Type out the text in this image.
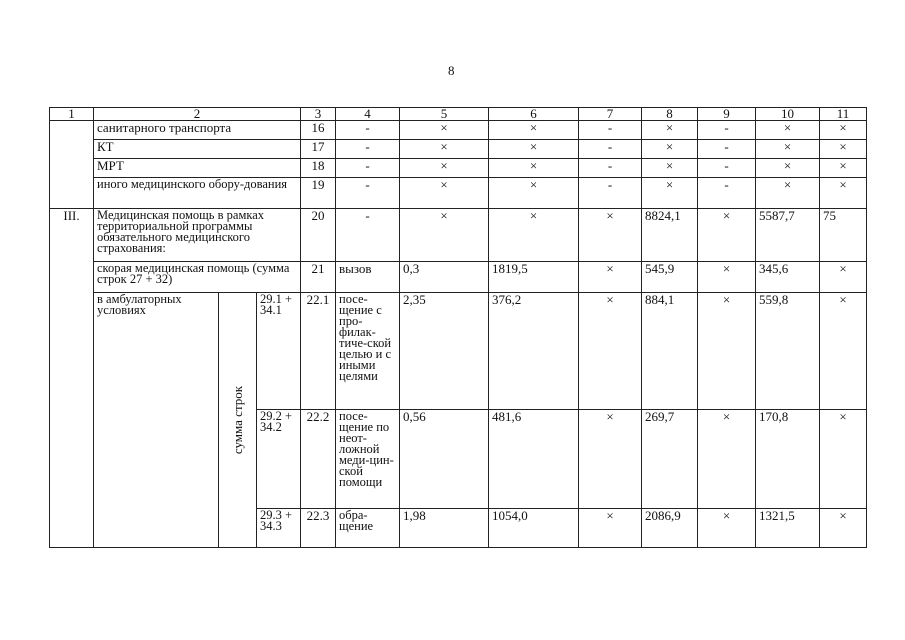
8
1	2			3	4	5	6	7	8	9	10	11
	санитарного транспорта			16	-	×	×	-	×	-	×	×
	КТ			17	-	×	×	-	×	-	×	×
	МРТ			18	-	×	×	-	×	-	×	×
	иного медицинского обору-дования			19	-	×	×	-	×	-	×	×
III.	Медицинская помощь в рамках территориальной программы обязательного медицинского страхования:			20	-	×	×	×	8824,1	×	5587,7	75
	скорая медицинская помощь (сумма строк 27 + 32)			21	вызов	0,3	1819,5	×	545,9	×	345,6	×
	в амбулаторных условиях	сумма строк	29.1 + 34.1	22.1	посе-щение с про-филак-тиче-ской целью и с иными целями	2,35	376,2	×	884,1	×	559,8	×
			29.2 + 34.2	22.2	посе-щение по неот-ложной меди-цин-ской помощи	0,56	481,6	×	269,7	×	170,8	×
			29.3 + 34.3	22.3	обра-щение	1,98	1054,0	×	2086,9	×	1321,5	×
